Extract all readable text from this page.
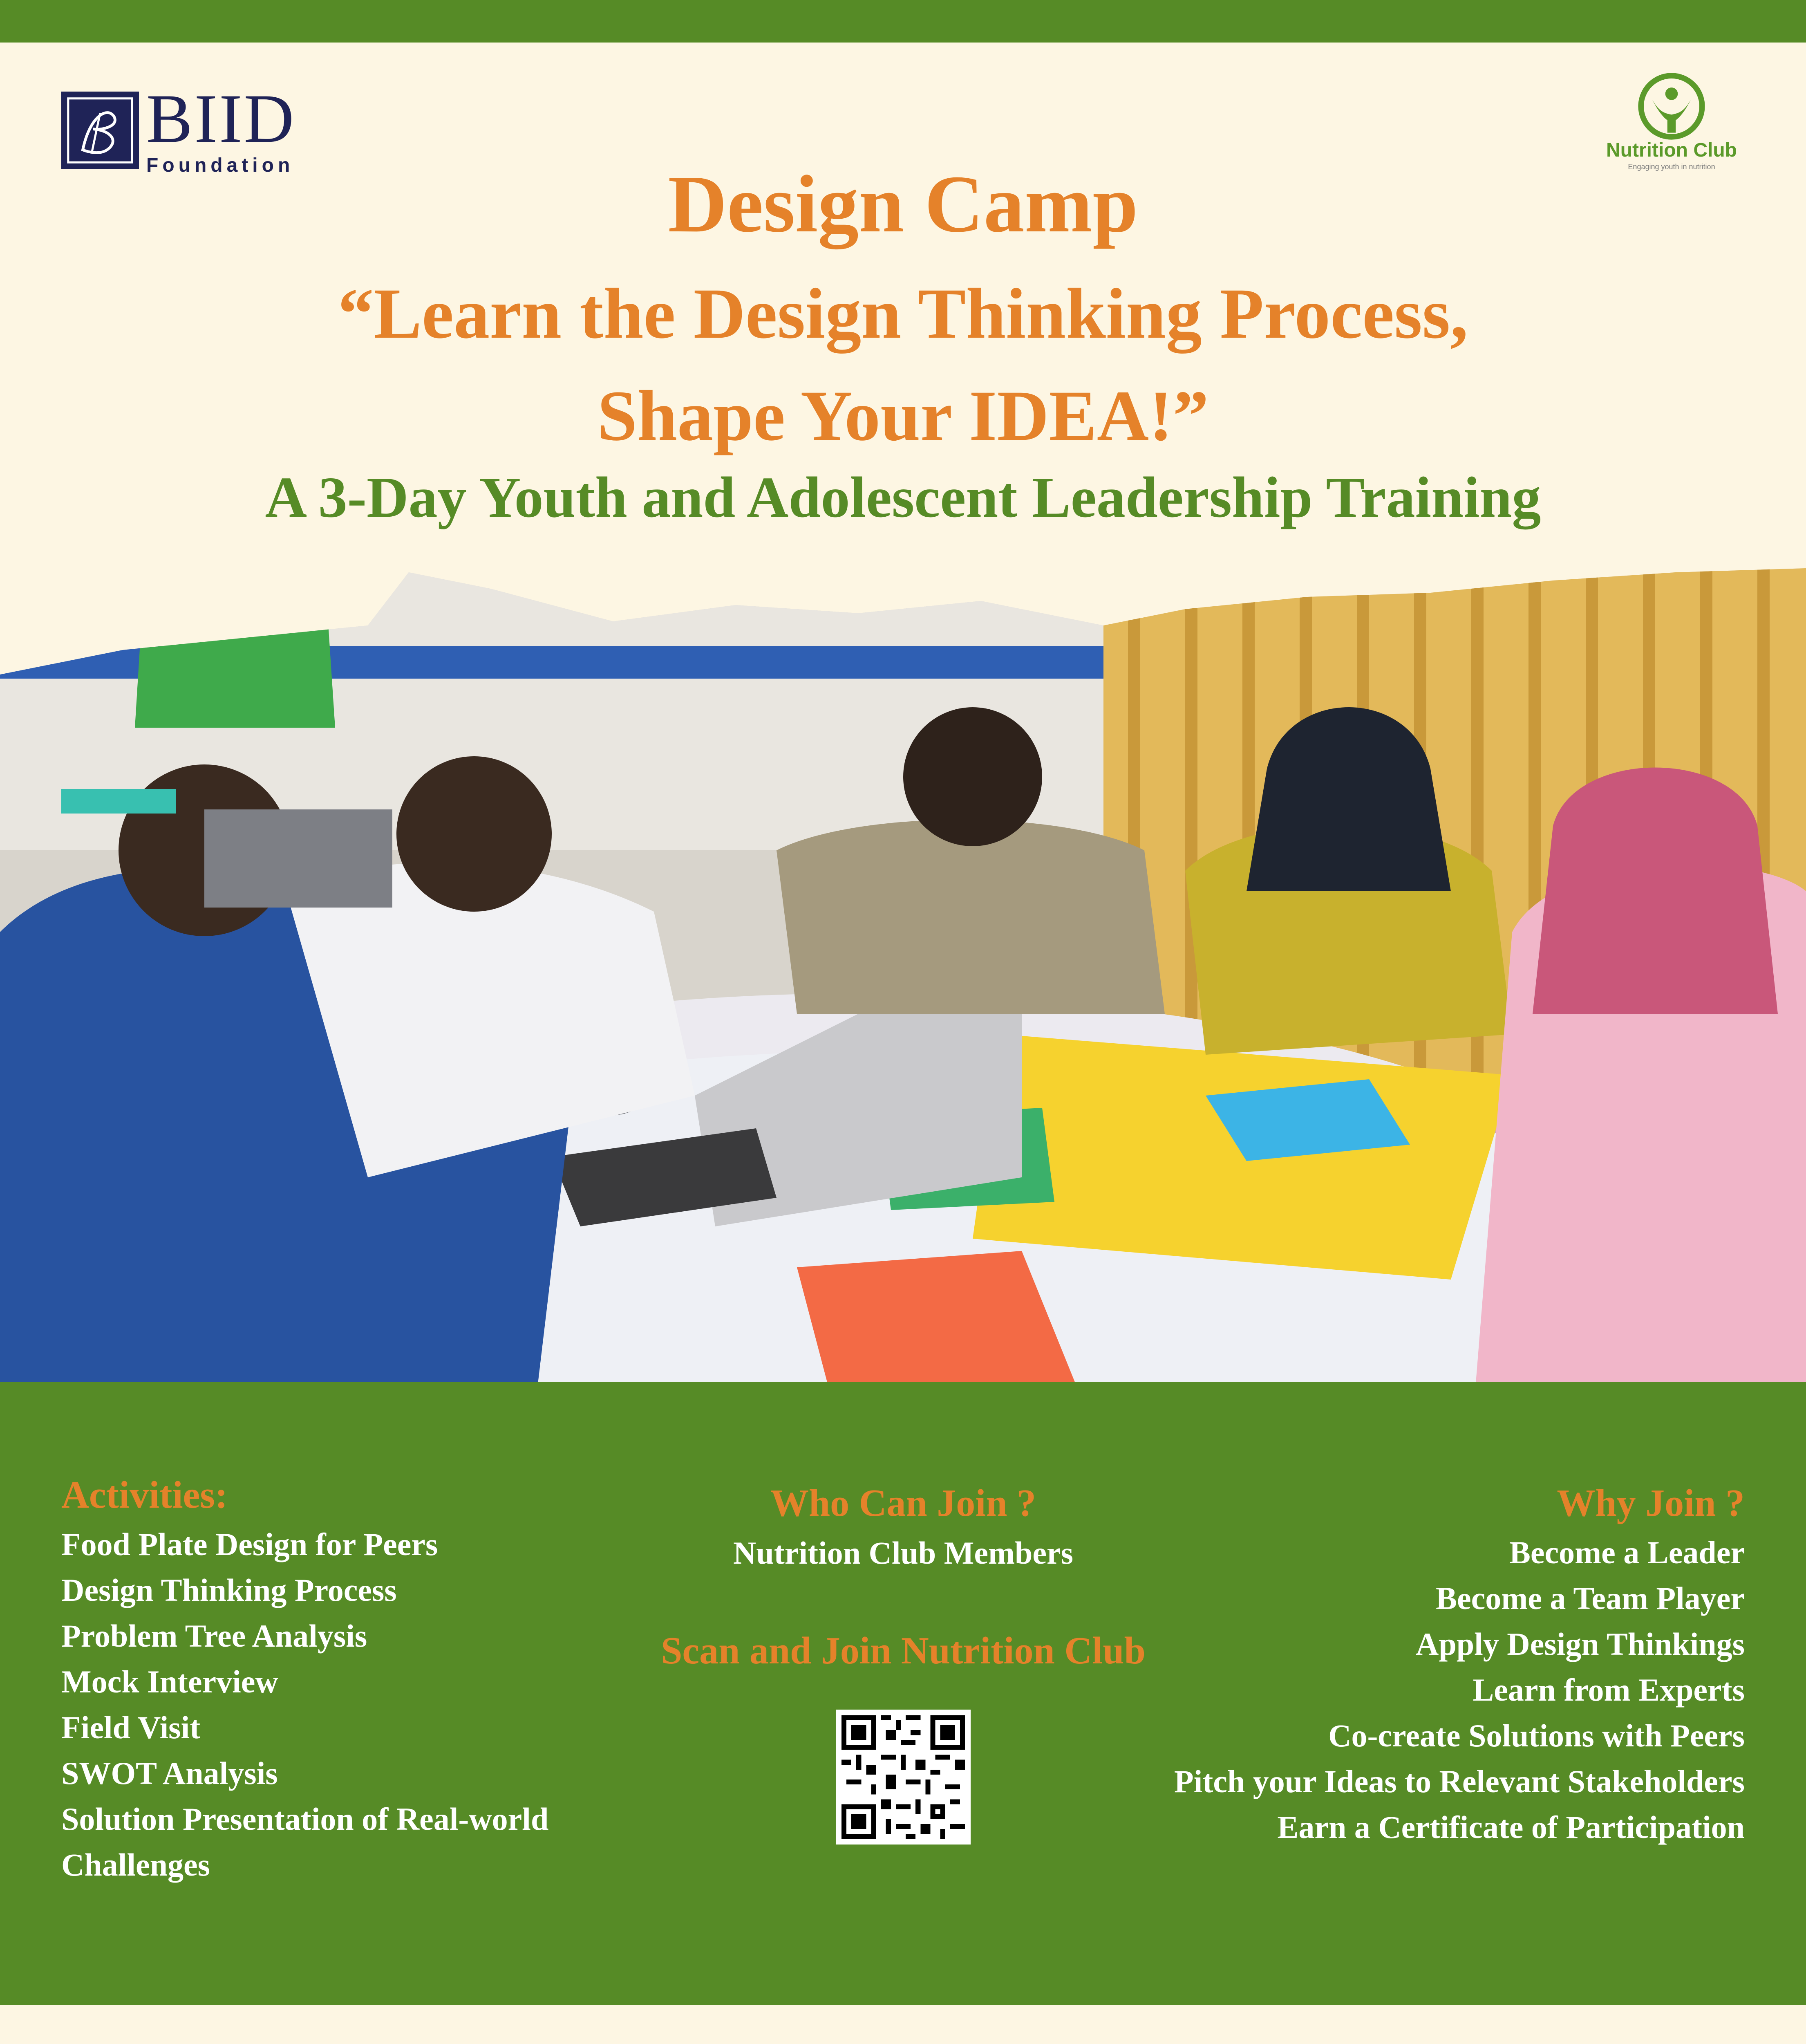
BIID
Foundation
Nutrition Club
Engaging youth in nutrition
Design Camp
“Learn the Design Thinking Process,
Shape Your IDEA!”
A 3-Day Youth and Adolescent Leadership Training
Activities:
Food Plate Design for Peers
Design Thinking Process
Problem Tree Analysis
Mock Interview
Field Visit
SWOT Analysis
Solution Presentation of Real-world
Challenges
Who Can Join ?
Nutrition Club Members
Scan and Join Nutrition Club
Why Join ?
Become a Leader
Become a Team Player
Apply Design Thinkings
Learn from Experts
Co-create Solutions with Peers
Pitch your Ideas to Relevant Stakeholders
Earn a Certificate of Participation
